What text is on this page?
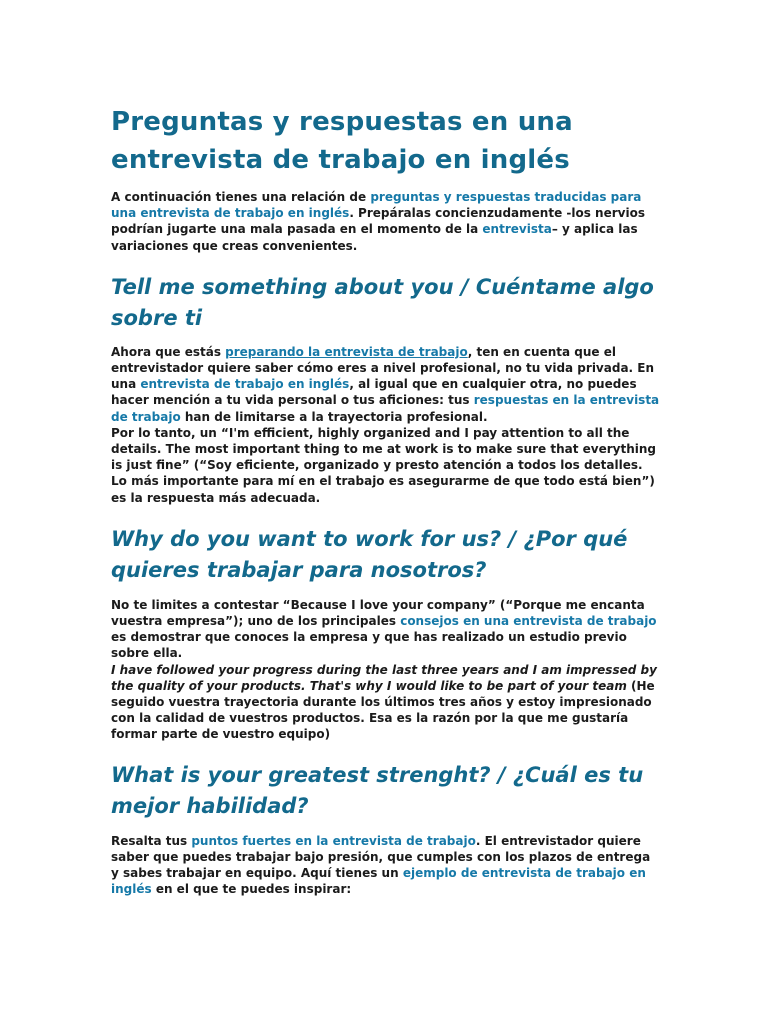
Preguntas y respuestas en una entrevista de trabajo en inglés

A continuación tienes una relación de preguntas y respuestas traducidas para una entrevista de trabajo en inglés. Prepáralas concienzudamente -los nervios podrían jugarte una mala pasada en el momento de la entrevista– y aplica las variaciones que creas convenientes.

Tell me something about you / Cuéntame algo sobre ti

Ahora que estás preparando la entrevista de trabajo, ten en cuenta que el entrevistador quiere saber cómo eres a nivel profesional, no tu vida privada. En una entrevista de trabajo en inglés, al igual que en cualquier otra, no puedes hacer mención a tu vida personal o tus aficiones: tus respuestas en la entrevista de trabajo han de limitarse a la trayectoria profesional.

Por lo tanto, un “I'm efficient, highly organized and I pay attention to all the details. The most important thing to me at work is to make sure that everything is just fine” (“Soy eficiente, organizado y presto atención a todos los detalles. Lo más importante para mí en el trabajo es asegurarme de que todo está bien”) es la respuesta más adecuada.

Why do you want to work for us? / ¿Por qué quieres trabajar para nosotros?

No te limites a contestar “Because I love your company” (“Porque me encanta vuestra empresa”); uno de los principales consejos en una entrevista de trabajo es demostrar que conoces la empresa y que has realizado un estudio previo sobre ella.

I have followed your progress during the last three years and I am impressed by the quality of your products. That's why I would like to be part of your team (He seguido vuestra trayectoria durante los últimos tres años y estoy impresionado con la calidad de vuestros productos. Esa es la razón por la que me gustaría formar parte de vuestro equipo)

What is your greatest strenght? / ¿Cuál es tu mejor habilidad?

Resalta tus puntos fuertes en la entrevista de trabajo. El entrevistador quiere saber que puedes trabajar bajo presión, que cumples con los plazos de entrega y sabes trabajar en equipo. Aquí tienes un ejemplo de entrevista de trabajo en inglés en el que te puedes inspirar:
